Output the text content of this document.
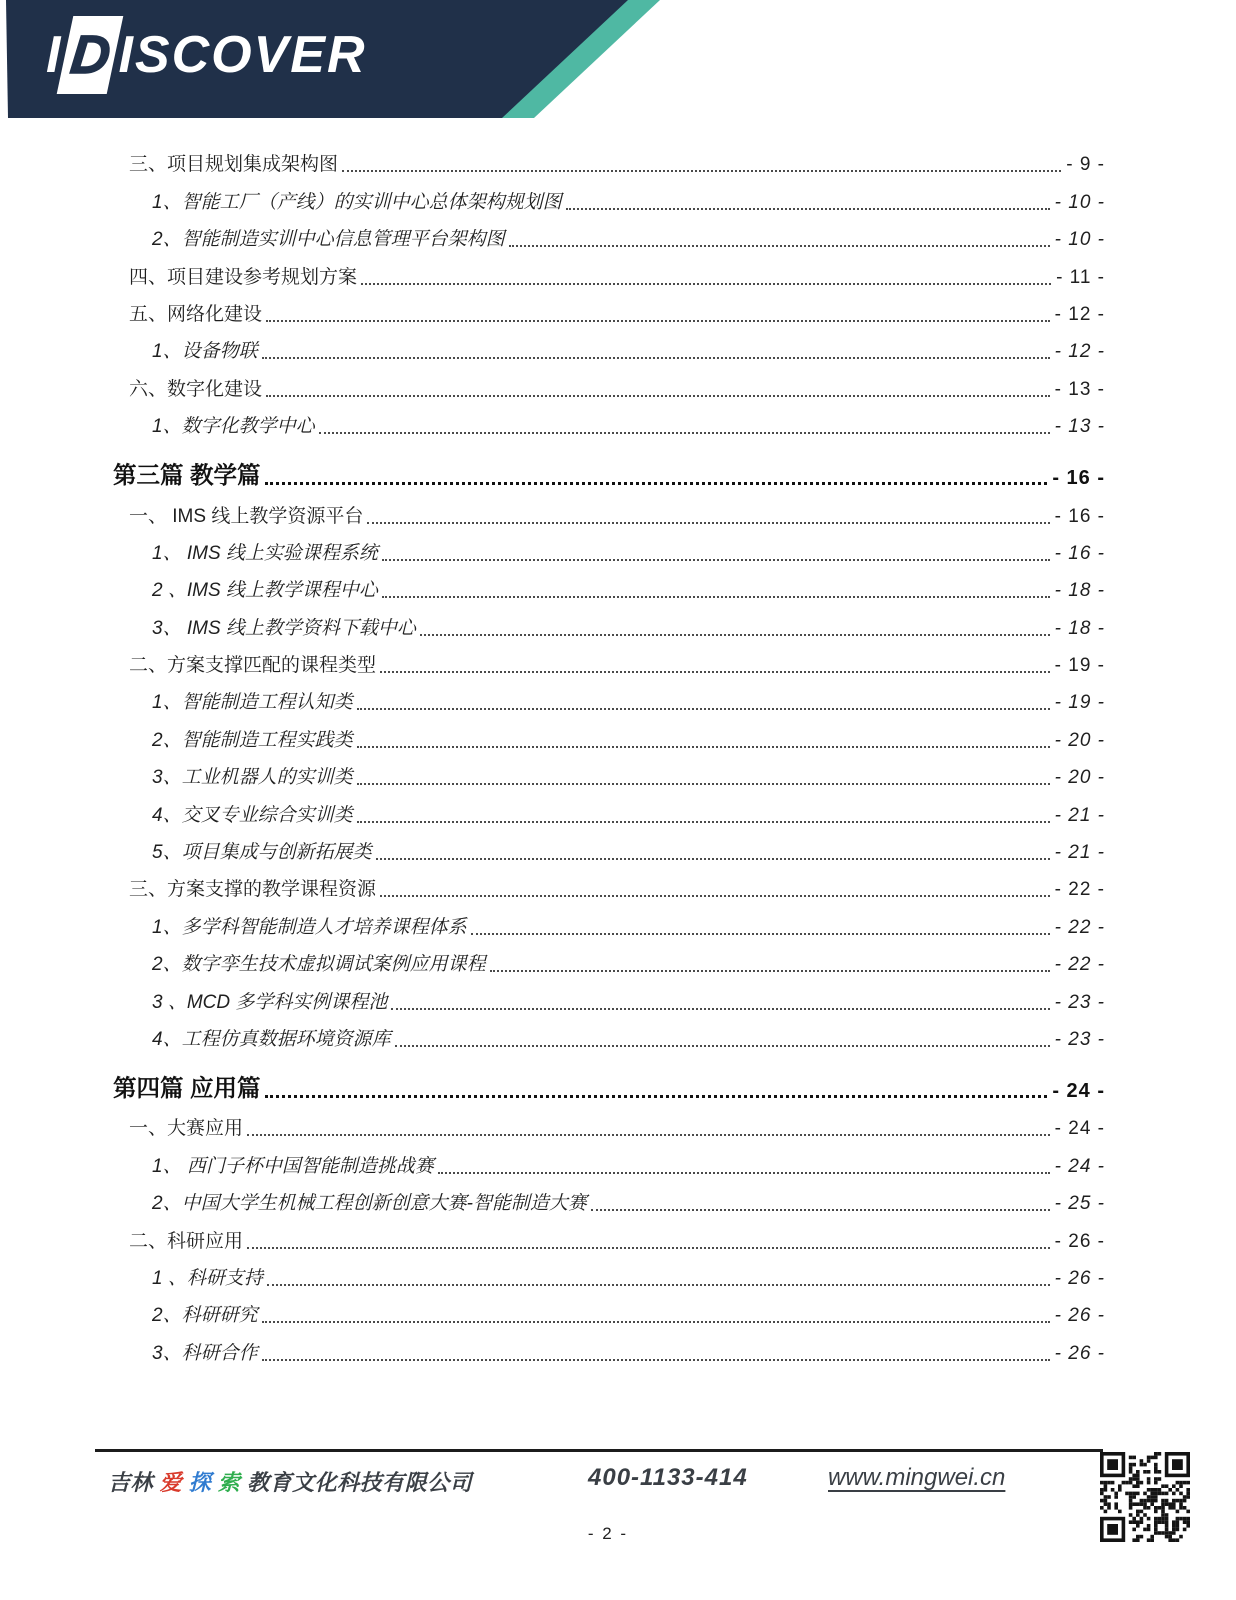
I D ISCOVER
三、项目规划集成架构图	- 9 -
1、智能工厂（产线）的实训中心总体架构规划图	- 10 -
2、智能制造实训中心信息管理平台架构图	- 10 -
四、项目建设参考规划方案	- 11 -
五、网络化建设	- 12 -
1、设备物联	- 12 -
六、数字化建设	- 13 -
1、数字化教学中心	- 13 -
第三篇 教学篇	- 16 -
一、 IMS 线上教学资源平台	- 16 -
1、 IMS 线上实验课程系统	- 16 -
2 、IMS 线上教学课程中心	- 18 -
3、 IMS 线上教学资料下载中心	- 18 -
二、方案支撑匹配的课程类型	- 19 -
1、智能制造工程认知类	- 19 -
2、智能制造工程实践类	- 20 -
3、工业机器人的实训类	- 20 -
4、交叉专业综合实训类	- 21 -
5、项目集成与创新拓展类	- 21 -
三、方案支撑的教学课程资源	- 22 -
1、多学科智能制造人才培养课程体系	- 22 -
2、数字孪生技术虚拟调试案例应用课程	- 22 -
3 、MCD 多学科实例课程池	- 23 -
4、工程仿真数据环境资源库	- 23 -
第四篇 应用篇	- 24 -
一、大赛应用	- 24 -
1、 西门子杯中国智能制造挑战赛	- 24 -
2、中国大学生机械工程创新创意大赛-智能制造大赛	- 25 -
二、科研应用	- 26 -
1 、科研支持	- 26 -
2、科研研究	- 26 -
3、科研合作	- 26 -
吉林 爱 探 索 教育文化科技有限公司	400-1133-414	www.mingwei.cn
- 2 -
